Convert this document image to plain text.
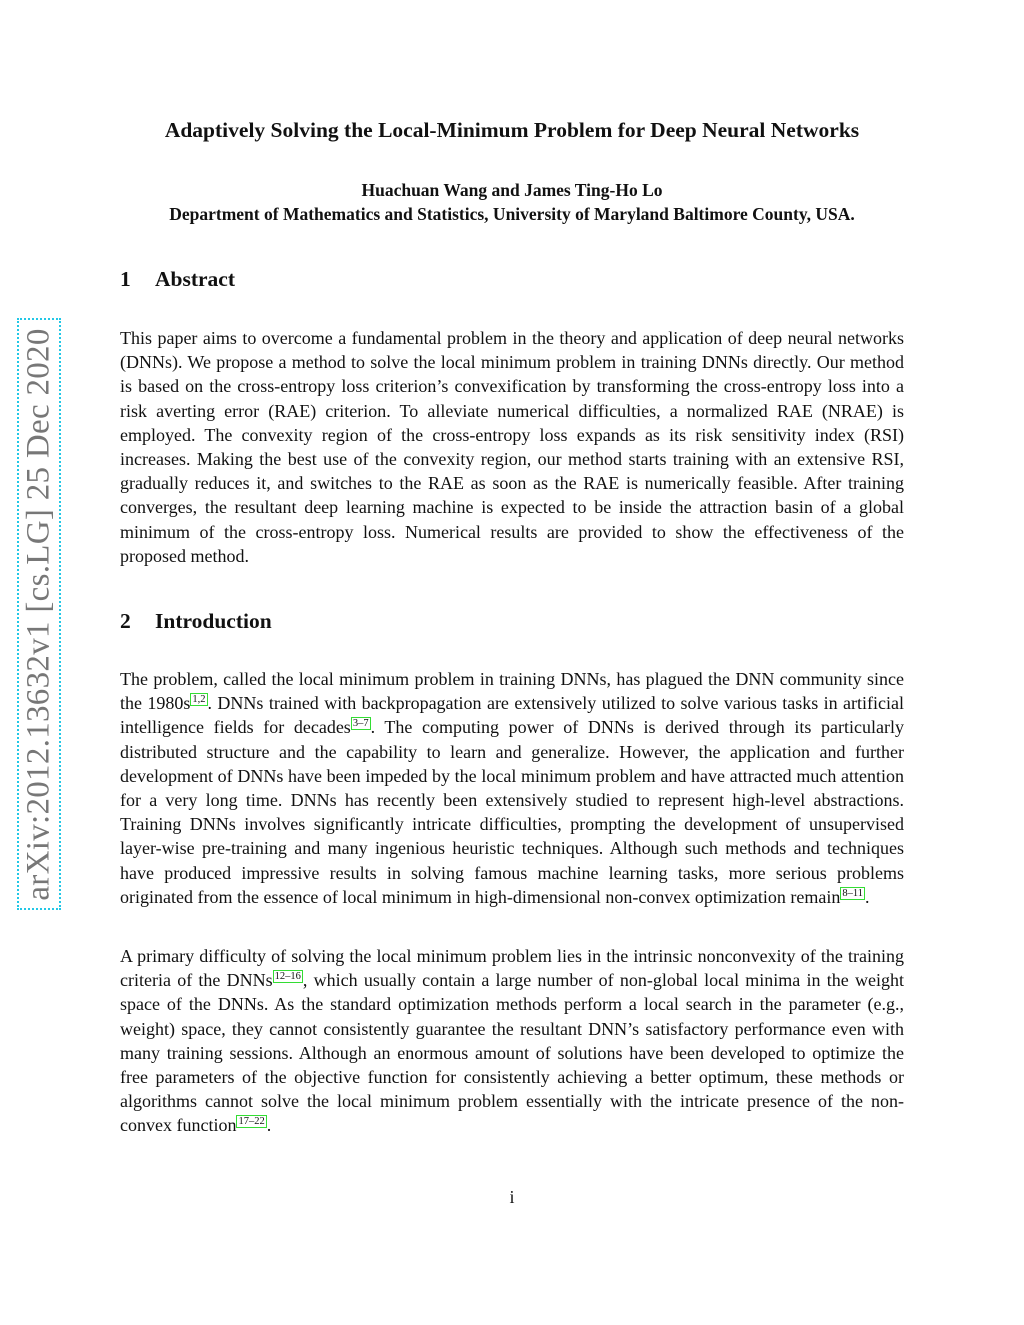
arXiv:2012.13632v1 [cs.LG] 25 Dec 2020
Adaptively Solving the Local-Minimum Problem for Deep Neural Networks
Huachuan Wang and James Ting-Ho Lo
Department of Mathematics and Statistics, University of Maryland Baltimore County, USA.
1 Abstract

This paper aims to overcome a fundamental problem in the theory and application of deep neural networks (DNNs). We propose a method to solve the local minimum problem in training DNNs directly. Our method is based on the cross-entropy loss criterion’s convexification by transforming the cross-entropy loss into a risk averting error (RAE) criterion. To alleviate numerical difficulties, a normalized RAE (NRAE) is employed. The convexity region of the cross-entropy loss expands as its risk sensitivity index (RSI) increases. Making the best use of the convexity region, our method starts training with an extensive RSI, gradually reduces it, and switches to the RAE as soon as the RAE is numerically feasible. After training converges, the resultant deep learning machine is expected to be inside the attraction basin of a global minimum of the cross-entropy loss. Numerical results are provided to show the effectiveness of the proposed method.

2 Introduction

The problem, called the local minimum problem in training DNNs, has plagued the DNN community since the 1980s 1,2 . DNNs trained with backpropagation are extensively utilized to solve various tasks in artificial intelligence fields for decades 3–7 . The computing power of DNNs is derived through its particularly distributed structure and the capability to learn and generalize. However, the application and further development of DNNs have been impeded by the local minimum problem and have attracted much attention for a very long time. DNNs has recently been extensively studied to represent high-level abstractions. Training DNNs involves significantly intricate difficulties, prompting the development of unsupervised layer-wise pre-training and many ingenious heuristic techniques. Although such methods and techniques have produced impressive results in solving famous machine learning tasks, more serious problems originated from the essence of local minimum in high-dimensional non-convex optimization remain 8–11 .

A primary difficulty of solving the local minimum problem lies in the intrinsic nonconvexity of the training criteria of the DNNs 12–16 , which usually contain a large number of non-global local minima in the weight space of the DNNs. As the standard optimization methods perform a local search in the parameter (e.g., weight) space, they cannot consistently guarantee the resultant DNN’s satisfactory performance even with many training sessions. Although an enormous amount of solutions have been developed to optimize the free parameters of the objective function for consistently achieving a better optimum, these methods or algorithms cannot solve the local minimum problem essentially with the intricate presence of the non-convex function 17–22 .

i
